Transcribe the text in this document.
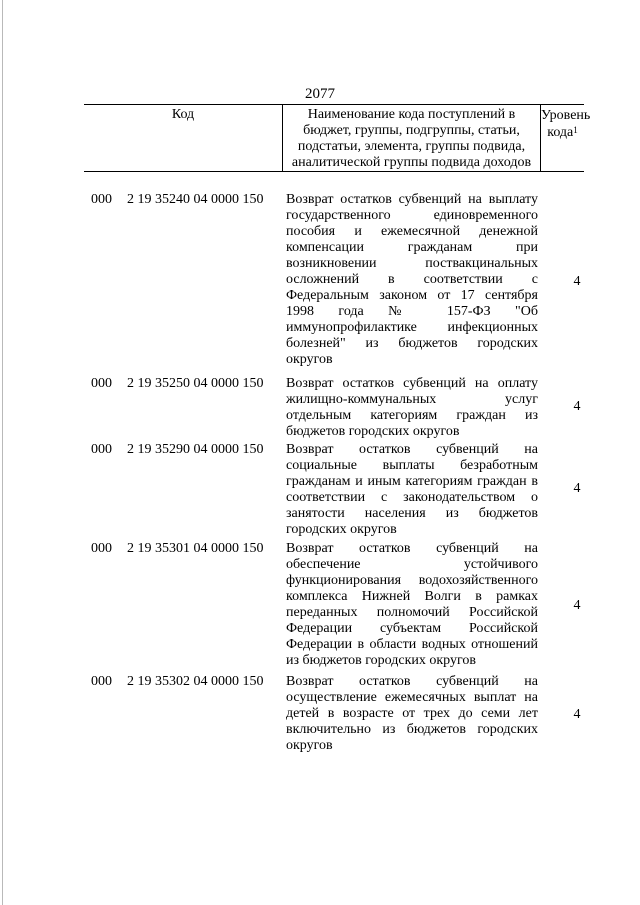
2077
Код	Наименование кода поступлений в бюджет, группы, подгруппы, статьи, подстатьи, элемента, группы подвида, аналитической группы подвида доходов
Уровень кода$^1$
000 2 19 35240 04 0000 150 Возврат остатков субвенций на выплату государственного единовременного пособия и ежемесячной денежной компенсации гражданам при возникновении поствакцинальных осложнений в соответствии с Федеральным законом от 17 сентября 1998 года № 157-ФЗ "Об иммунопрофилактике инфекционных болезней" из бюджетов городских округов
4
000 2 19 35250 04 0000 150 Возврат остатков субвенций на оплату жилищно-коммунальных услуг отдельным категориям граждан из бюджетов городских округов
4
000 2 19 35290 04 0000 150 Возврат остатков субвенций на социальные выплаты безработным гражданам и иным категориям граждан в соответствии с законодательством о занятости населения из бюджетов городских округов
4
000 2 19 35301 04 0000 150 Возврат остатков субвенций на обеспечение устойчивого функционирования водохозяйственного комплекса Нижней Волги в рамках переданных полномочий Российской Федерации субъектам Российской Федерации в области водных отношений из бюджетов городских округов
4
000 2 19 35302 04 0000 150 Возврат остатков субвенций на осуществление ежемесячных выплат на детей в возрасте от трех до семи лет включительно из бюджетов городских округов
4
